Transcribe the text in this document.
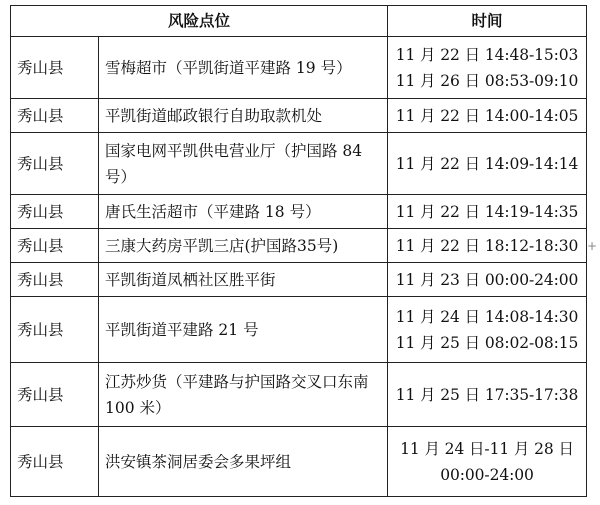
风险点位		时间
秀山县	雪梅超市（平凯街道平建路 19 号）	11 月 22 日 14:48-15:03
11 月 26 日 08:53-09:10

秀山县	平凯街道邮政银行自助取款机处	11 月 22 日 14:00-14:05

秀山县	国家电网平凯供电营业厅（护国路 84 号）	11 月 22 日 14:09-14:14

秀山县	唐氏生活超市（平建路 18 号）	11 月 22 日 14:19-14:35

秀山县	三康大药房平凯三店(护国路35号)	11 月 22 日 18:12-18:30

秀山县	平凯街道凤栖社区胜平街	11 月 23 日 00:00-24:00

秀山县	平凯街道平建路 21 号	11 月 24 日 14:08-14:30
11 月 25 日 08:02-08:15

秀山县	江苏炒货（平建路与护国路交叉口东南 100 米）	11 月 25 日 17:35-17:38

秀山县	洪安镇茶洞居委会多果坪组	11 月 24 日-11 月 28 日
00:00-24:00
+
